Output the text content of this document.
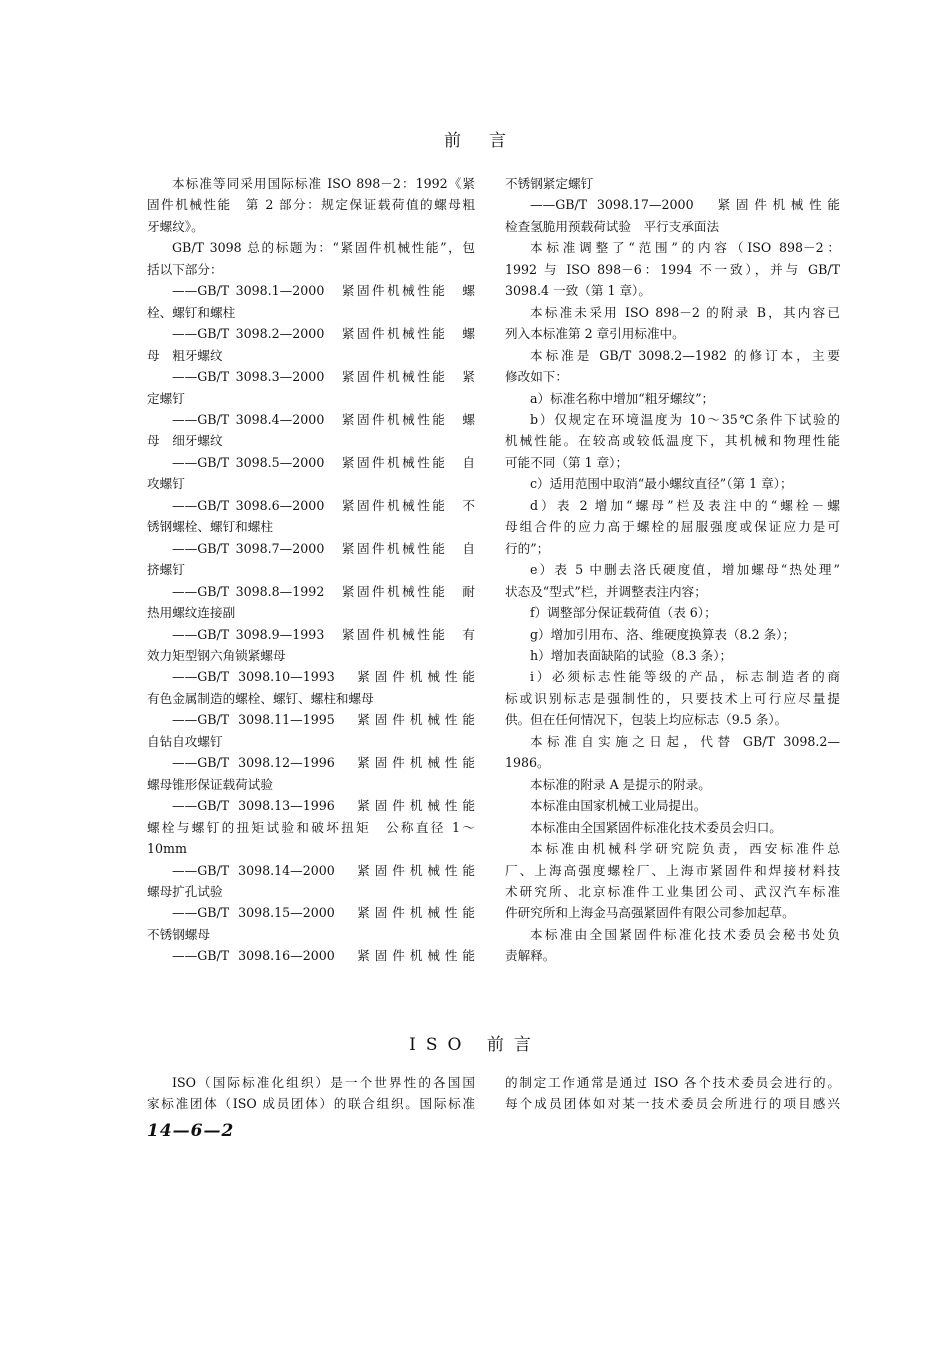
前言
本标准等同采用国际标准 ISO 898－2：1992《紧
固件机械性能　第 2 部分：规定保证载荷值的螺母粗
牙螺纹》。
GB/T 3098 总的标题为：“紧固件机械性能”，包
括以下部分：
——GB/T 3098.1—2000　紧固件机械性能　螺
栓、螺钉和螺柱
——GB/T 3098.2—2000　紧固件机械性能　螺
母　粗牙螺纹
——GB/T 3098.3—2000　紧固件机械性能　紧
定螺钉
——GB/T 3098.4—2000　紧固件机械性能　螺
母　细牙螺纹
——GB/T 3098.5—2000　紧固件机械性能　自
攻螺钉
——GB/T 3098.6—2000　紧固件机械性能　不
锈钢螺栓、螺钉和螺柱
——GB/T 3098.7—2000　紧固件机械性能　自
挤螺钉
——GB/T 3098.8—1992　紧固件机械性能　耐
热用螺纹连接副
——GB/T 3098.9—1993　紧固件机械性能　有
效力矩型钢六角锁紧螺母
——GB/T 3098.10—1993　紧固件机械性能
有色金属制造的螺栓、螺钉、螺柱和螺母
——GB/T 3098.11—1995　紧固件机械性能
自钻自攻螺钉
——GB/T 3098.12—1996　紧固件机械性能
螺母锥形保证载荷试验
——GB/T 3098.13—1996　紧固件机械性能
螺栓与螺钉的扭矩试验和破坏扭矩　公称直径 1～
10mm
——GB/T 3098.14—2000　紧固件机械性能
螺母扩孔试验
——GB/T 3098.15—2000　紧固件机械性能
不锈钢螺母
——GB/T 3098.16—2000　紧固件机械性能
不锈钢紧定螺钉
——GB/T 3098.17—2000　紧固件机械性能
检查氢脆用预载荷试验　平行支承面法
本标准调整了“范围”的内容（ISO 898－2：
1992 与 ISO 898－6：1994 不一致），并与 GB/T
3098.4 一致（第 1 章）。
本标准未采用 ISO 898－2 的附录 B，其内容已
列入本标准第 2 章引用标准中。
本标准是 GB/T 3098.2—1982 的修订本，主要
修改如下：
a）标准名称中增加“粗牙螺纹”；
b）仅规定在环境温度为 10～35℃条件下试验的
机械性能。在较高或较低温度下，其机械和物理性能
可能不同（第 1 章）；
c）适用范围中取消“最小螺纹直径”（第 1 章）；
d）表 2 增加“螺母”栏及表注中的“螺栓－螺
母组合件的应力高于螺栓的屈服强度或保证应力是可
行的”；
e）表 5 中删去洛氏硬度值，增加螺母“热处理”
状态及“型式”栏，并调整表注内容；
f）调整部分保证载荷值（表 6）；
g）增加引用布、洛、维硬度换算表（8.2 条）；
h）增加表面缺陷的试验（8.3 条）；
i）必须标志性能等级的产品，标志制造者的商
标或识别标志是强制性的，只要技术上可行应尽量提
供。但在任何情况下，包装上均应标志（9.5 条）。
本标准自实施之日起，代替 GB/T 3098.2—
1986。
本标准的附录 A 是提示的附录。
本标准由国家机械工业局提出。
本标准由全国紧固件标准化技术委员会归口。
本标准由机械科学研究院负责，西安标准件总
厂、上海高强度螺栓厂、上海市紧固件和焊接材料技
术研究所、北京标准件工业集团公司、武汉汽车标准
件研究所和上海金马高强紧固件有限公司参加起草。
本标准由全国紧固件标准化技术委员会秘书处负
责解释。
ISO 前言
ISO（国际标准化组织）是一个世界性的各国国
家标准团体（ISO 成员团体）的联合组织。国际标准
的制定工作通常是通过 ISO 各个技术委员会进行的。
每个成员团体如对某一技术委员会所进行的项目感兴
14—6—2
